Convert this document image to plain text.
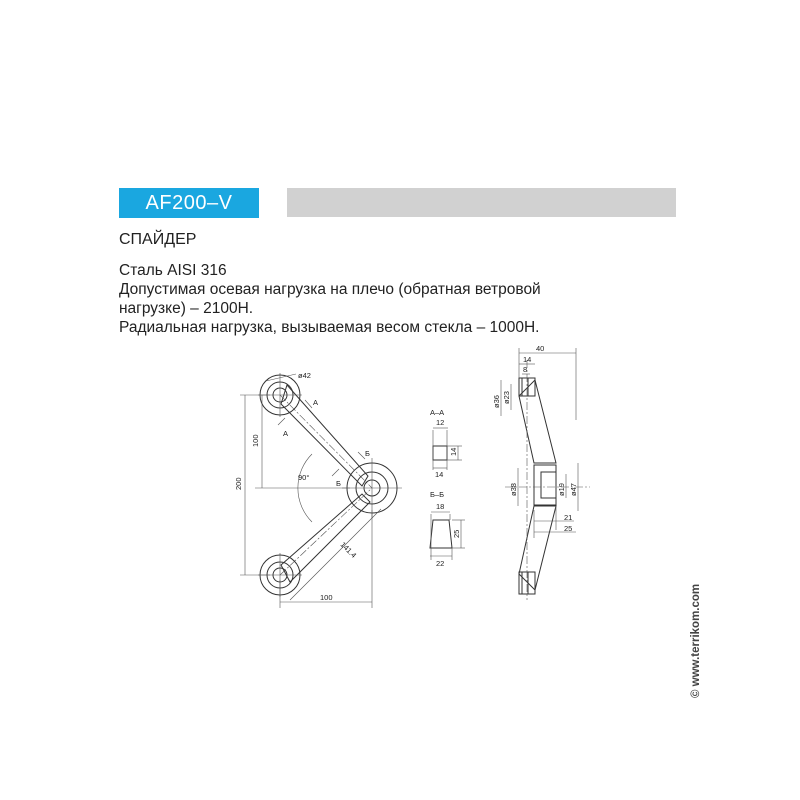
AF200–V
СПАЙДЕР
Сталь AISI 316
Допустимая осевая нагрузка на плечо (обратная ветровой
нагрузке) – 2100Н.
Радиальная нагрузка, вызываемая весом стекла – 1000Н.
© www.terrikom.com
ø42
A
A
Б
Б
90°
100
200
141.4
100
А–А
12
14
14
Б–Б
18
25
22
40
14
8
ø36 ø23
ø38	ø19 ø47
21
25
